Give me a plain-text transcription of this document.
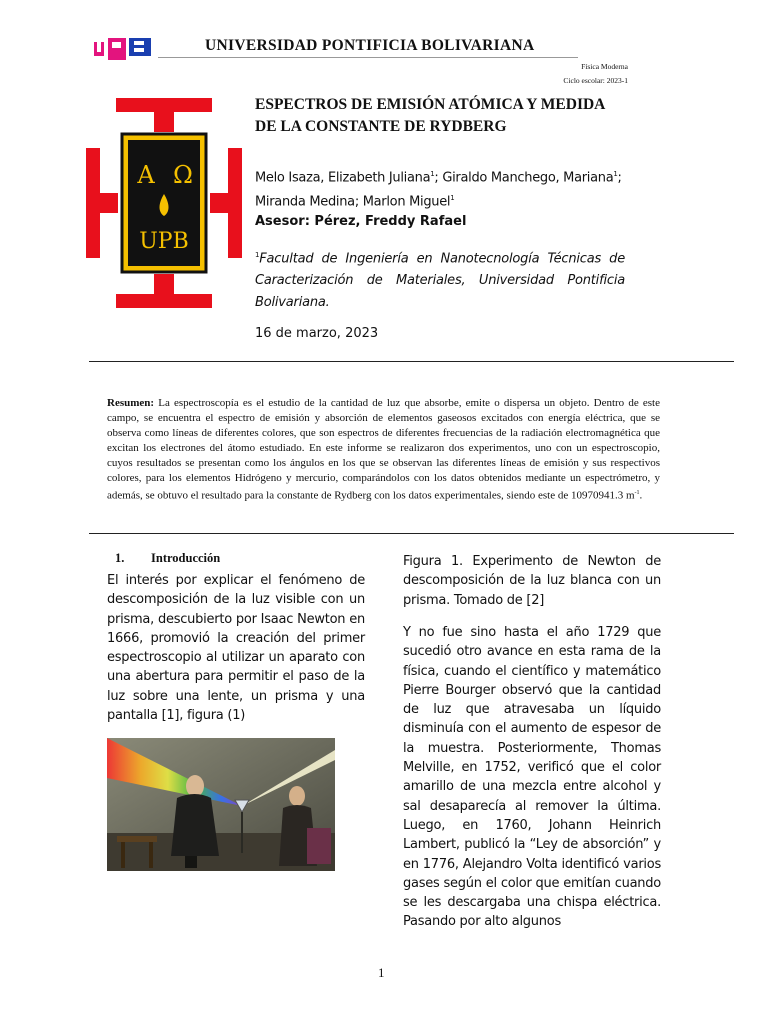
UNIVERSIDAD PONTIFICIA BOLIVARIANA
Física Moderna
Ciclo escolar: 2023-1
A Ω
UPB
ESPECTROS DE EMISIÓN ATÓMICA Y MEDIDA
DE LA CONSTANTE DE RYDBERG
Melo Isaza, Elizabeth Juliana$^1$; Giraldo Manchego, Mariana$^1$; Miranda Medina; Marlon Miguel$^1$
Asesor: Pérez, Freddy Rafael
$^1$Facultad de Ingeniería en Nanotecnología Técnicas de Caracterización de Materiales, Universidad Pontificia Bolivariana.
16 de marzo, 2023
Resumen: La espectroscopía es el estudio de la cantidad de luz que absorbe, emite o dispersa un objeto. Dentro de este campo, se encuentra el espectro de emisión y absorción de elementos gaseosos excitados con energía eléctrica, que se observa como líneas de diferentes colores, que son espectros de diferentes frecuencias de la radiación electromagnética que excitan los electrones del átomo estudiado. En este informe se realizaron dos experimentos, uno con un espectroscopio, cuyos resultados se presentan como los ángulos en los que se observan las diferentes líneas de emisión y sus respectivos colores, para los elementos Hidrógeno y mercurio, comparándolos con los datos obtenidos mediante un espectrómetro, y además, se obtuvo el resultado para la constante de Rydberg con los datos experimentales, siendo este de 10970941.3 $m^{-1}$.
1. Introducción
El interés por explicar el fenómeno de descomposición de la luz visible con un prisma, descubierto por Isaac Newton en 1666, promovió la creación del primer espectroscopio al utilizar un aparato con una abertura para permitir el paso de la luz sobre una lente, un prisma y una pantalla [1], figura (1)
Figura 1. Experimento de Newton de descomposición de la luz blanca con un prisma. Tomado de [2]
Y no fue sino hasta el año 1729 que sucedió otro avance en esta rama de la física, cuando el científico y matemático Pierre Bourger observó que la cantidad de luz que atravesaba un líquido disminuía con el aumento de espesor de la muestra. Posteriormente, Thomas Melville, en 1752, verificó que el color amarillo de una mezcla entre alcohol y sal desaparecía al remover la última. Luego, en 1760, Johann Heinrich Lambert, publicó la “Ley de absorción” y en 1776, Alejandro Volta identificó varios gases según el color que emitían cuando se les descargaba una chispa eléctrica. Pasando por alto algunos
1
